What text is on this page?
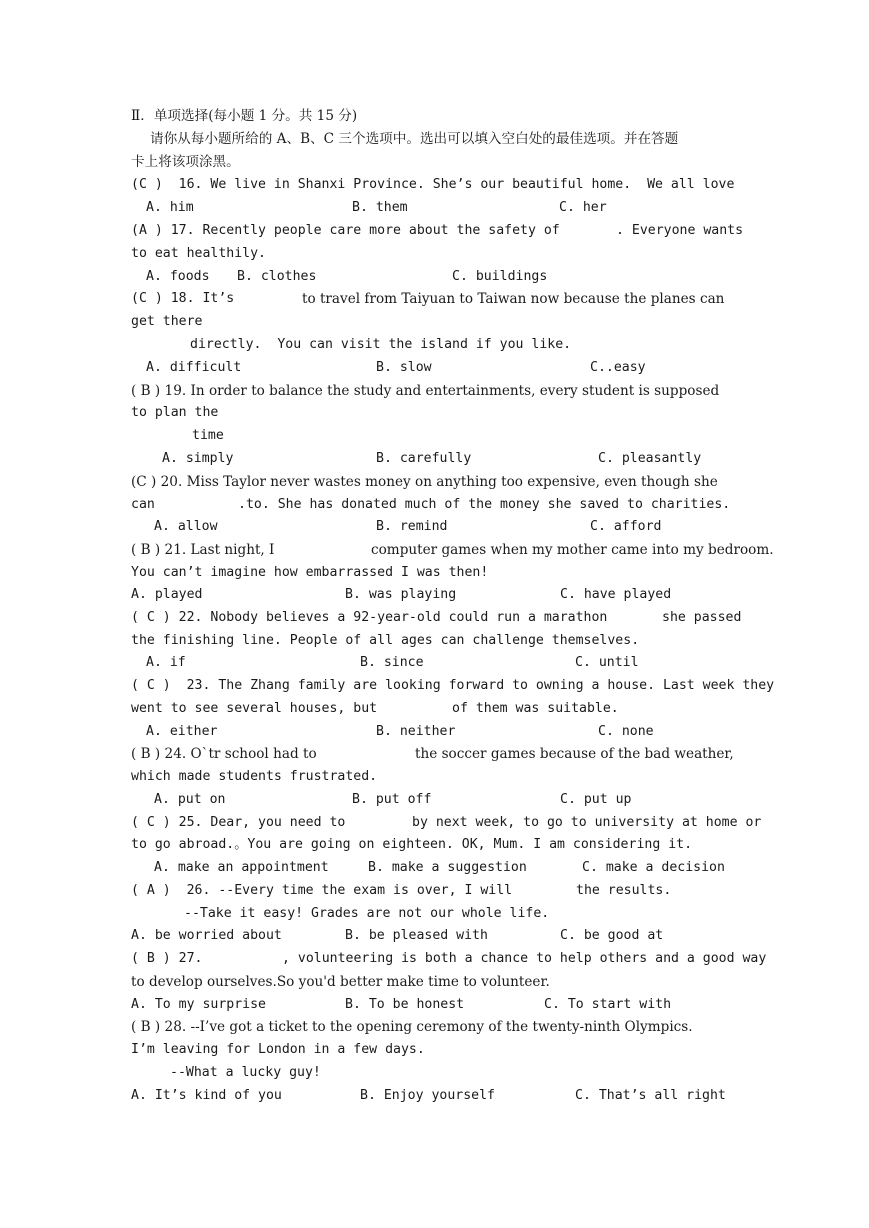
Ⅱ．单项选择(每小题 1 分。共 15 分)
请你从每小题所给的 A、B、C 三个选项中。选出可以填入空白处的最佳选项。并在答题
卡上将该项涂黑。
(C )  16. We live in Shanxi Province. She’s our beautiful home.  We all love
A. him	B. them	C. her
(A ) 17. Recently people care more about the safety of	. Everyone wants
to eat healthily.
A. foods	B. clothes	C. buildings
(C ) 18. It’s	to travel from Taiyuan to Taiwan now because the planes can
get there
directly.  You can visit the island if you like.
A. difficult	B. slow	C..easy
( B ) 19. In order to balance the study and entertainments, every student is supposed
to plan the
time
A. simply	B. carefully	C. pleasantly
(C ) 20. Miss Taylor never wastes money on anything too expensive, even though she
can	.to. She has donated much of the money she saved to charities.
A. allow	B. remind	C. afford
( B ) 21. Last night, I	computer games when my mother came into my bedroom.
You can’t imagine how embarrassed I was then!
A. played	B. was playing	C. have played
( C ) 22. Nobody believes a 92-year-old could run a marathon	she passed
the finishing line. People of all ages can challenge themselves.
A. if	B. since	C. until
( C )  23. The Zhang family are looking forward to owning a house. Last week they
went to see several houses, but	of them was suitable.
A. either	B. neither	C. none
( B ) 24. O`tr school had to	the soccer games because of the bad weather,
which made students frustrated.
A. put on	B. put off	C. put up
( C ) 25. Dear, you need to	by next week, to go to university at home or
to go abroad.。You are going on eighteen. OK, Mum. I am considering it.
A. make an appointment	B. make a suggestion	C. make a decision
( A )  26. --Every time the exam is over, I will	the results.
--Take it easy! Grades are not our whole life.
A. be worried about	B. be pleased with	C. be good at
( B ) 27.	, volunteering is both a chance to help others and a good way
to develop ourselves.So you'd better make time to volunteer.
A. To my surprise	B. To be honest	C. To start with
( B ) 28. --I’ve got a ticket to the opening ceremony of the twenty-ninth Olympics.
I’m leaving for London in a few days.
--What a lucky guy!
A. It’s kind of you	B. Enjoy yourself	C. That’s all right
